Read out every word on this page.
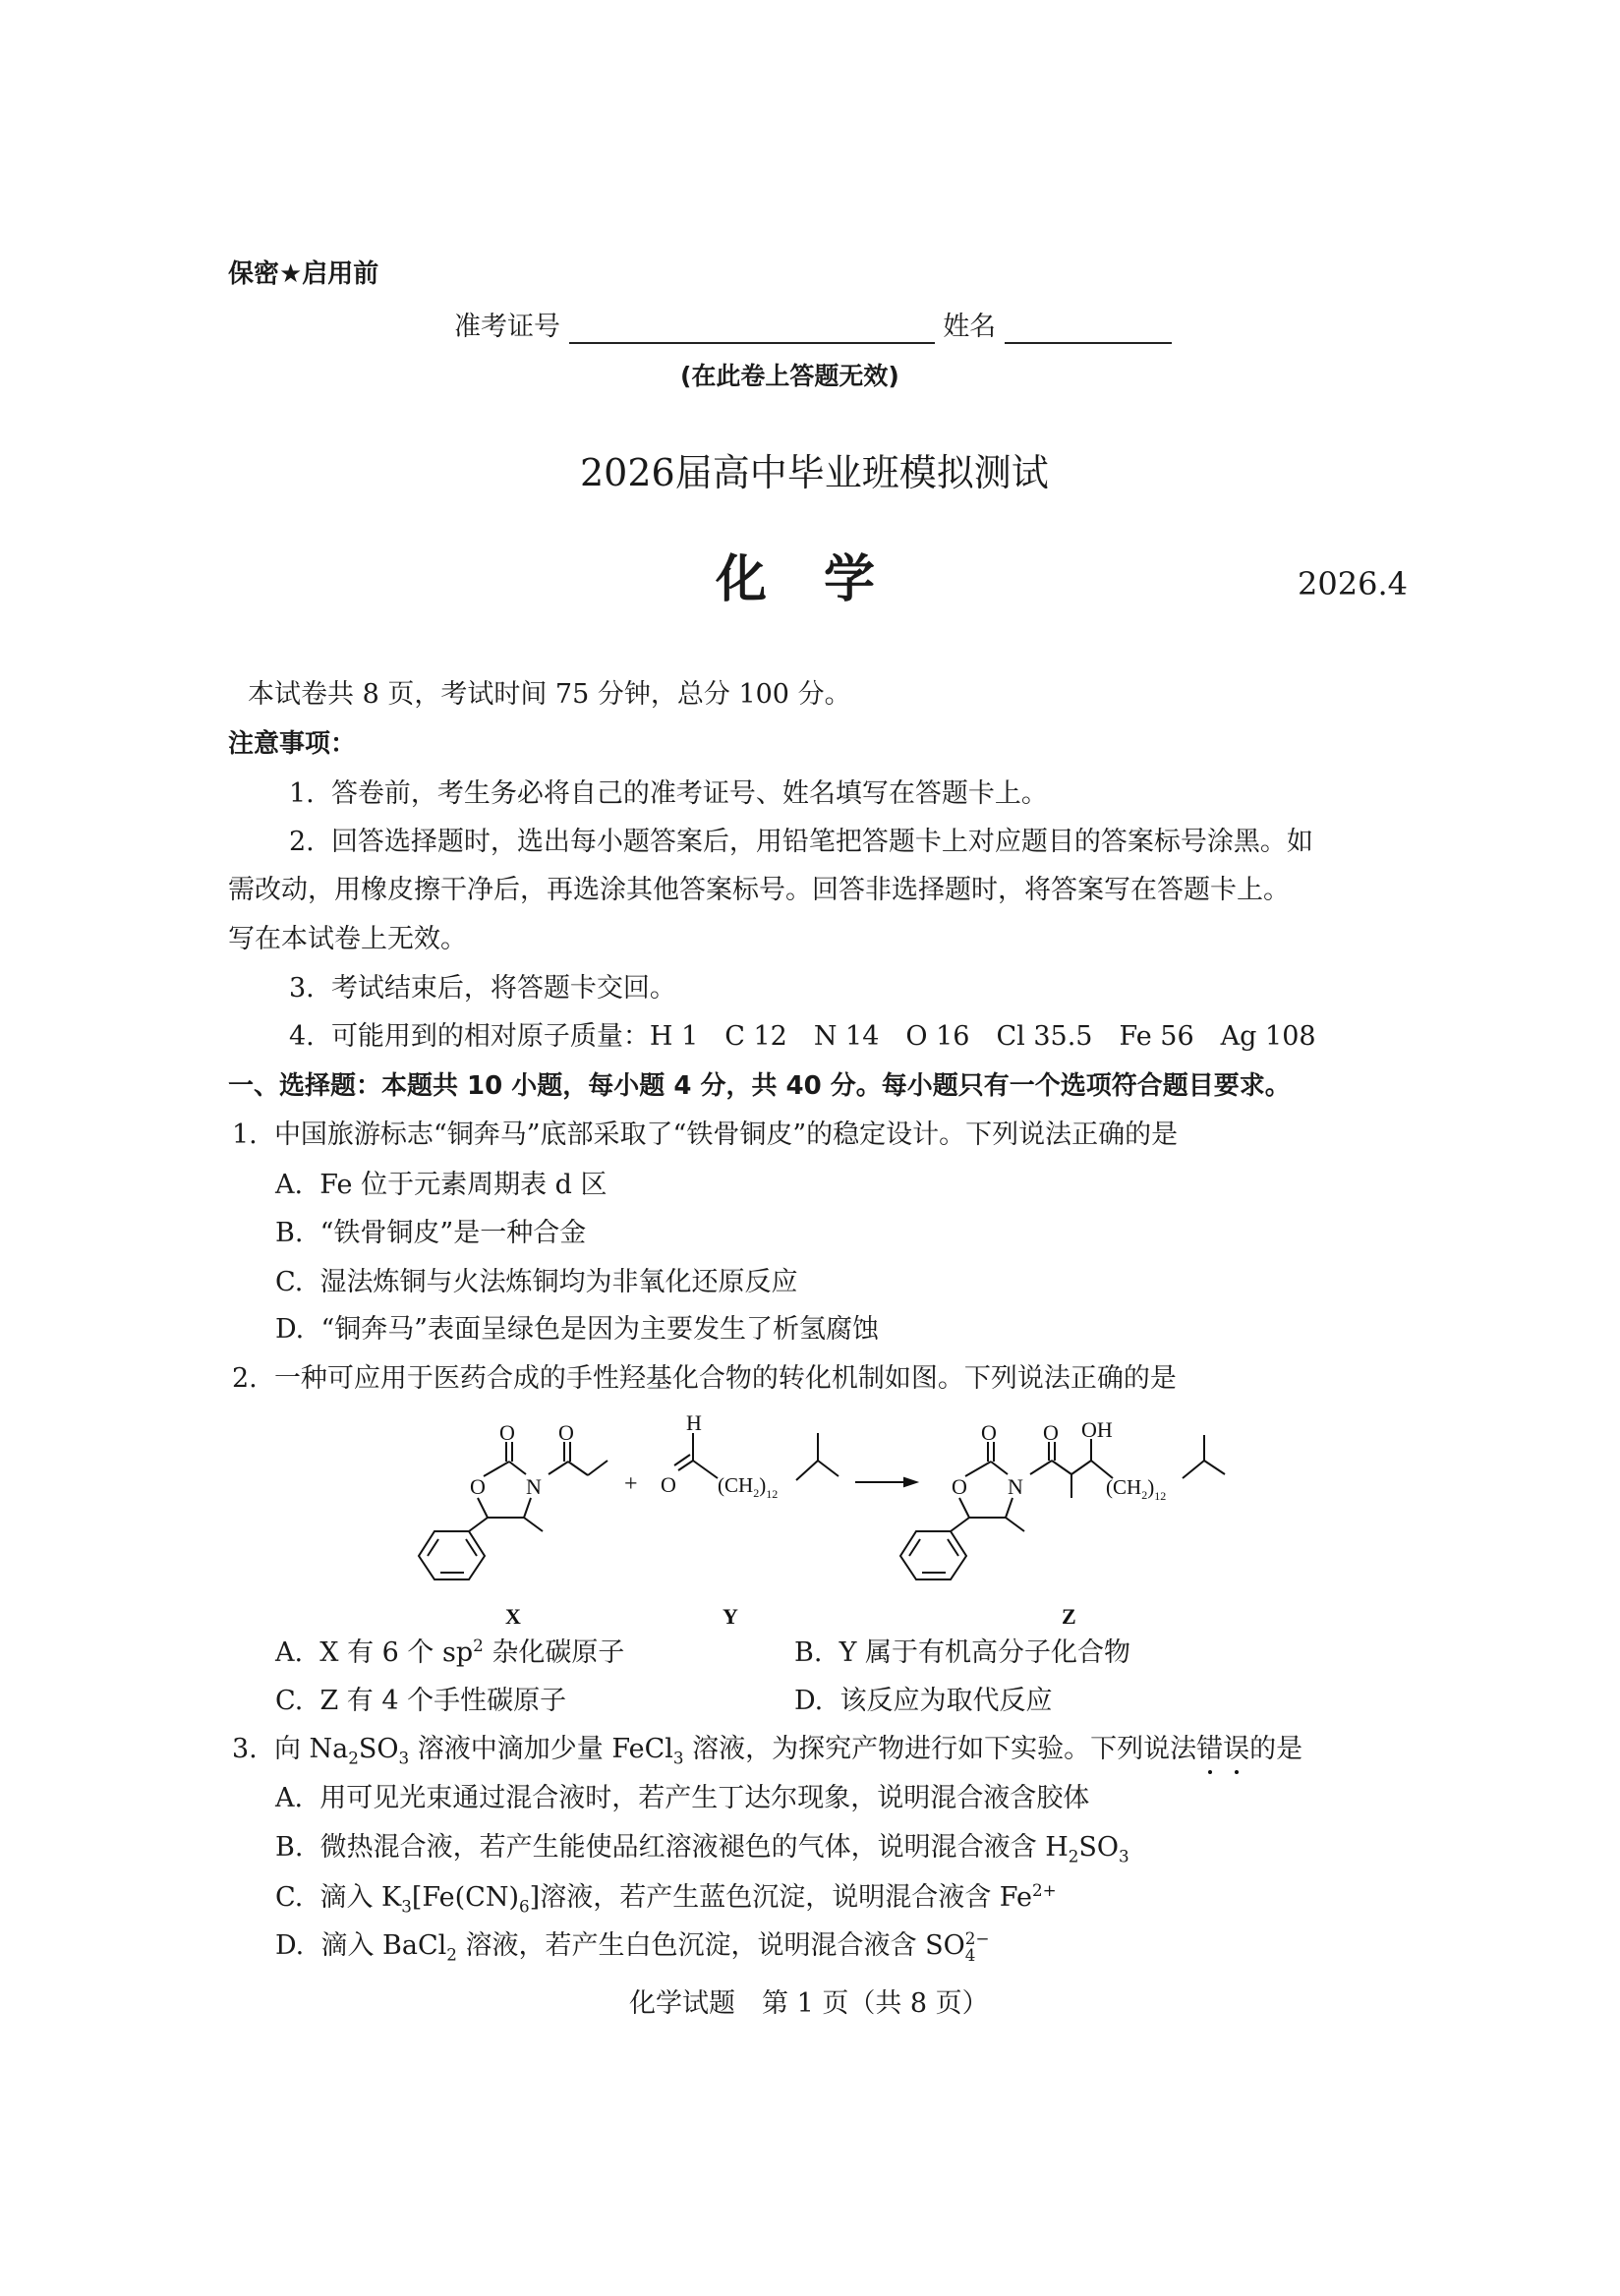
保密★启用前
准考证号	姓名
(在此卷上答题无效)
2026届高中毕业班模拟测试
化 学	2026.4
本试卷共 8 页，考试时间 75 分钟，总分 100 分。
注意事项：
1. 答卷前，考生务必将自己的准考证号、姓名填写在答题卡上。
2. 回答选择题时，选出每小题答案后，用铅笔把答题卡上对应题目的答案标号涂黑。如
需改动，用橡皮擦干净后，再选涂其他答案标号。回答非选择题时，将答案写在答题卡上。
写在本试卷上无效。
3. 考试结束后，将答题卡交回。
4. 可能用到的相对原子质量：H 1　C 12　N 14　O 16　Cl 35.5　Fe 56　Ag 108
一、选择题：本题共 10 小题，每小题 4 分，共 40 分。每小题只有一个选项符合题目要求。
1. 中国旅游标志“铜奔马”底部采取了“铁骨铜皮”的稳定设计。下列说法正确的是
A. Fe 位于元素周期表 d 区
B. “铁骨铜皮”是一种合金
C. 湿法炼铜与火法炼铜均为非氧化还原反应
D. “铜奔马”表面呈绿色是因为主要发生了析氢腐蚀
2. 一种可应用于医药合成的手性羟基化合物的转化机制如图。下列说法正确的是
O
O N
O
+
H
O $(CH_2)_{12}$
O
O N
O OH
$(CH_2)_{12}$
X	Y	Z
A. X 有 6 个 $sp^2$ 杂化碳原子	B. Y 属于有机高分子化合物
C. Z 有 4 个手性碳原子	D. 该反应为取代反应
3. 向 $Na_2SO_3$ 溶液中滴加少量 FeCl$_3$ 溶液，为探究产物进行如下实验。下列说法错误的是
A. 用可见光束通过混合液时，若产生丁达尔现象，说明混合液含胶体
B. 微热混合液，若产生能使品红溶液褪色的气体，说明混合液含 $H_2SO_3$
C. 滴入 $K_3[Fe(CN)_6]$溶液，若产生蓝色沉淀，说明混合液含 $Fe^{2+}$
D. 滴入 BaCl$_2$ 溶液，若产生白色沉淀，说明混合液含 SO 2−
4
化学试题　第 1 页（共 8 页）
